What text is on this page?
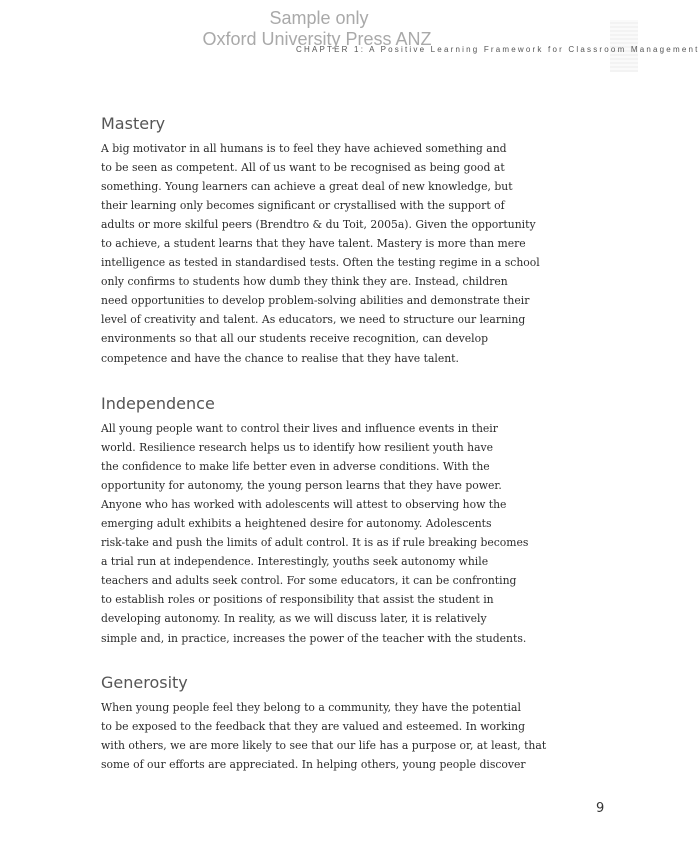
Sample only

Oxford University Press ANZ
CHAPTER 1: A Positive Learning Framework for Classroom Management
Mastery

A big motivator in all humans is to feel they have achieved something and
to be seen as competent. All of us want to be recognised as being good at
something. Young learners can achieve a great deal of new knowledge, but
their learning only becomes significant or crystallised with the support of
adults or more skilful peers (Brendtro & du Toit, 2005a). Given the opportunity
to achieve, a student learns that they have talent. Mastery is more than mere
intelligence as tested in standardised tests. Often the testing regime in a school
only confirms to students how dumb they think they are. Instead, children
need opportunities to develop problem-solving abilities and demonstrate their
level of creativity and talent. As educators, we need to structure our learning
environments so that all our students receive recognition, can develop
competence and have the chance to realise that they have talent.

Independence

All young people want to control their lives and influence events in their
world. Resilience research helps us to identify how resilient youth have
the confidence to make life better even in adverse conditions. With the
opportunity for autonomy, the young person learns that they have power.
Anyone who has worked with adolescents will attest to observing how the
emerging adult exhibits a heightened desire for autonomy. Adolescents
risk-take and push the limits of adult control. It is as if rule breaking becomes
a trial run at independence. Interestingly, youths seek autonomy while
teachers and adults seek control. For some educators, it can be confronting
to establish roles or positions of responsibility that assist the student in
developing autonomy. In reality, as we will discuss later, it is relatively
simple and, in practice, increases the power of the teacher with the students.

Generosity

When young people feel they belong to a community, they have the potential
to be exposed to the feedback that they are valued and esteemed. In working
with others, we are more likely to see that our life has a purpose or, at least, that
some of our efforts are appreciated. In helping others, young people discover

9
